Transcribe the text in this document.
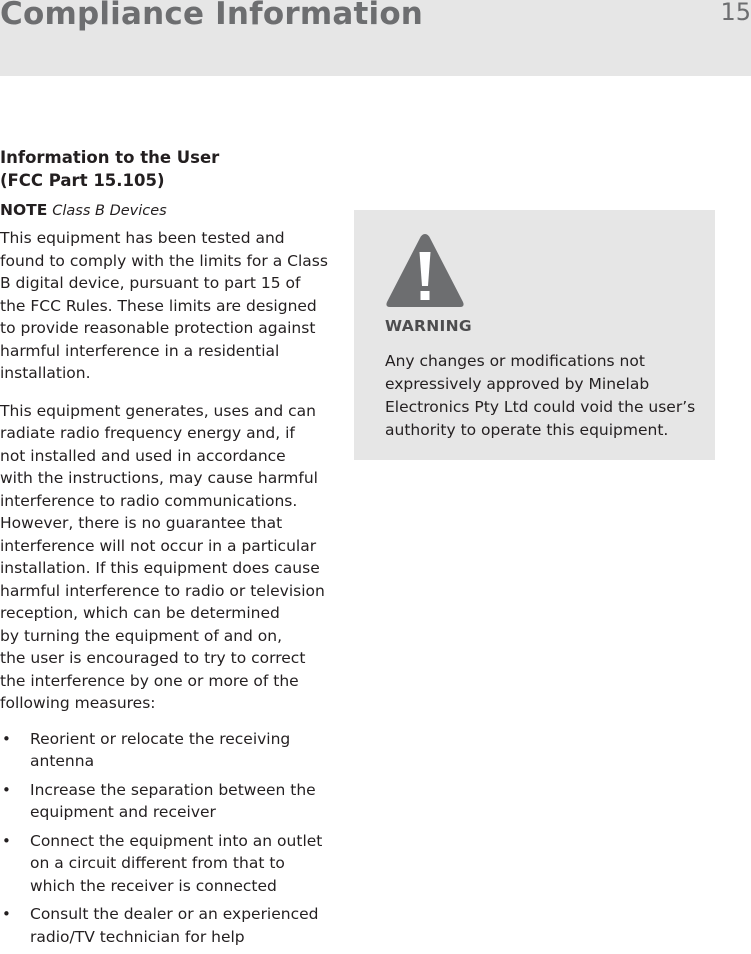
Compliance Information	15
Information to the User
(FCC Part 15.105)

NOTE Class B Devices

This equipment has been tested and
found to comply with the limits for a Class
B digital device, pursuant to part 15 of
the FCC Rules. These limits are designed
to provide reasonable protection against
harmful interference in a residential
installation.

This equipment generates, uses and can
radiate radio frequency energy and, if
not installed and used in accordance
with the instructions, may cause harmful
interference to radio communications.
However, there is no guarantee that
interference will not occur in a particular
installation. If this equipment does cause
harmful interference to radio or television
reception, which can be determined
by turning the equipment of and on,
the user is encouraged to try to correct
the interference by one or more of the
following measures:

• Reorient or relocate the receiving
antenna
• Increase the separation between the
equipment and receiver
• Connect the equipment into an outlet
on a circuit different from that to
which the receiver is connected
• Consult the dealer or an experienced
radio/TV technician for help
WARNING

Any changes or modifications not
expressively approved by Minelab
Electronics Pty Ltd could void the user’s
authority to operate this equipment.
